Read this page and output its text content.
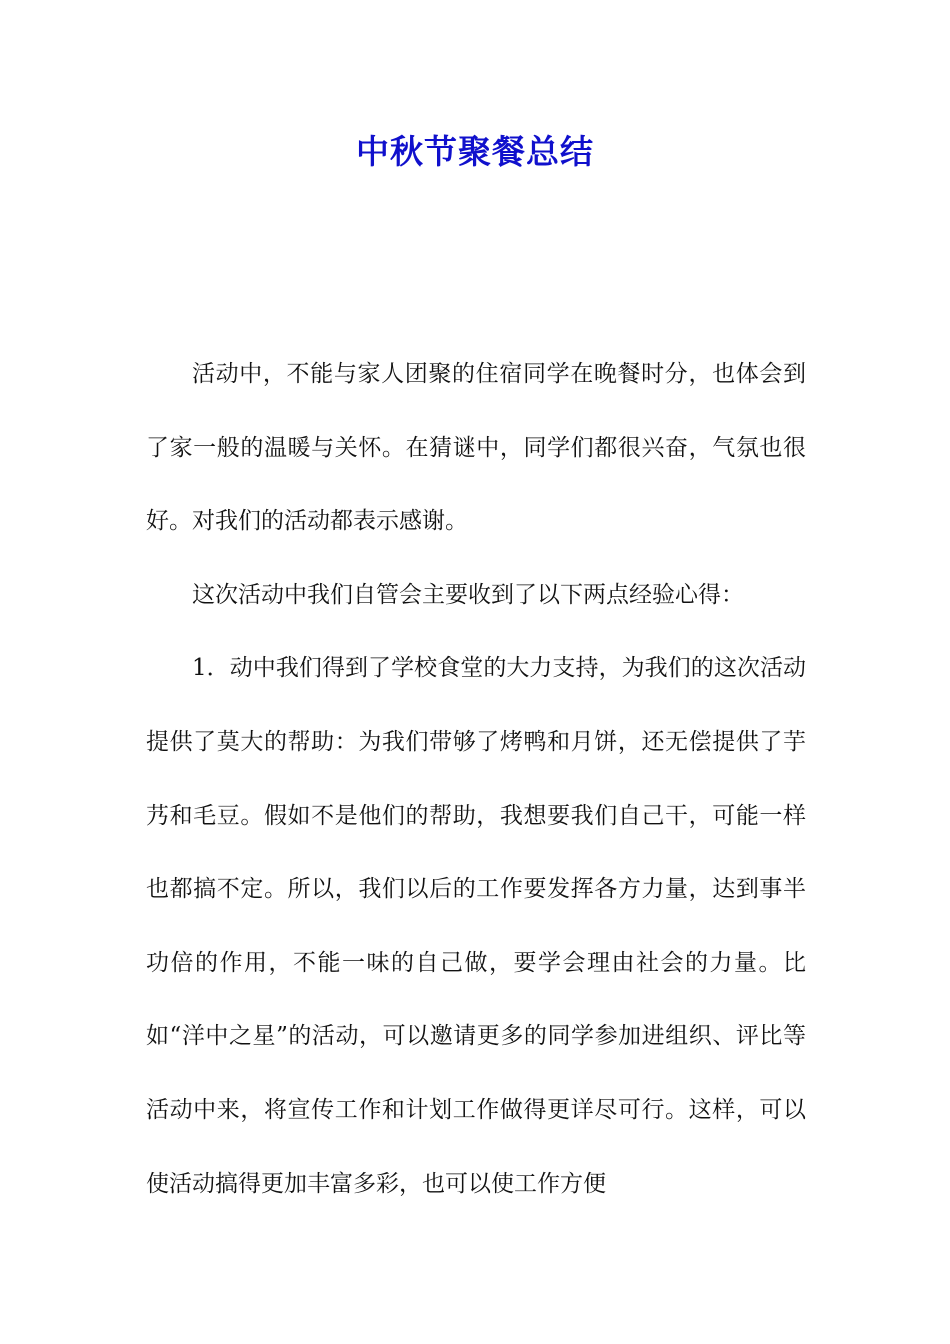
中秋节聚餐总结

活动中，不能与家人团聚的住宿同学在晚餐时分，也体会到了家一般的温暖与关怀。在猜谜中，同学们都很兴奋，气氛也很好。对我们的活动都表示感谢。

这次活动中我们自管会主要收到了以下两点经验心得：

1．动中我们得到了学校食堂的大力支持，为我们的这次活动提供了莫大的帮助：为我们带够了烤鸭和月饼，还无偿提供了芋艿和毛豆。假如不是他们的帮助，我想要我们自己干，可能一样也都搞不定。所以，我们以后的工作要发挥各方力量，达到事半功倍的作用，不能一味的自己做，要学会理由社会的力量。比如“洋中之星”的活动，可以邀请更多的同学参加进组织、评比等活动中来，将宣传工作和计划工作做得更详尽可行。这样，可以使活动搞得更加丰富多彩，也可以使工作方便
